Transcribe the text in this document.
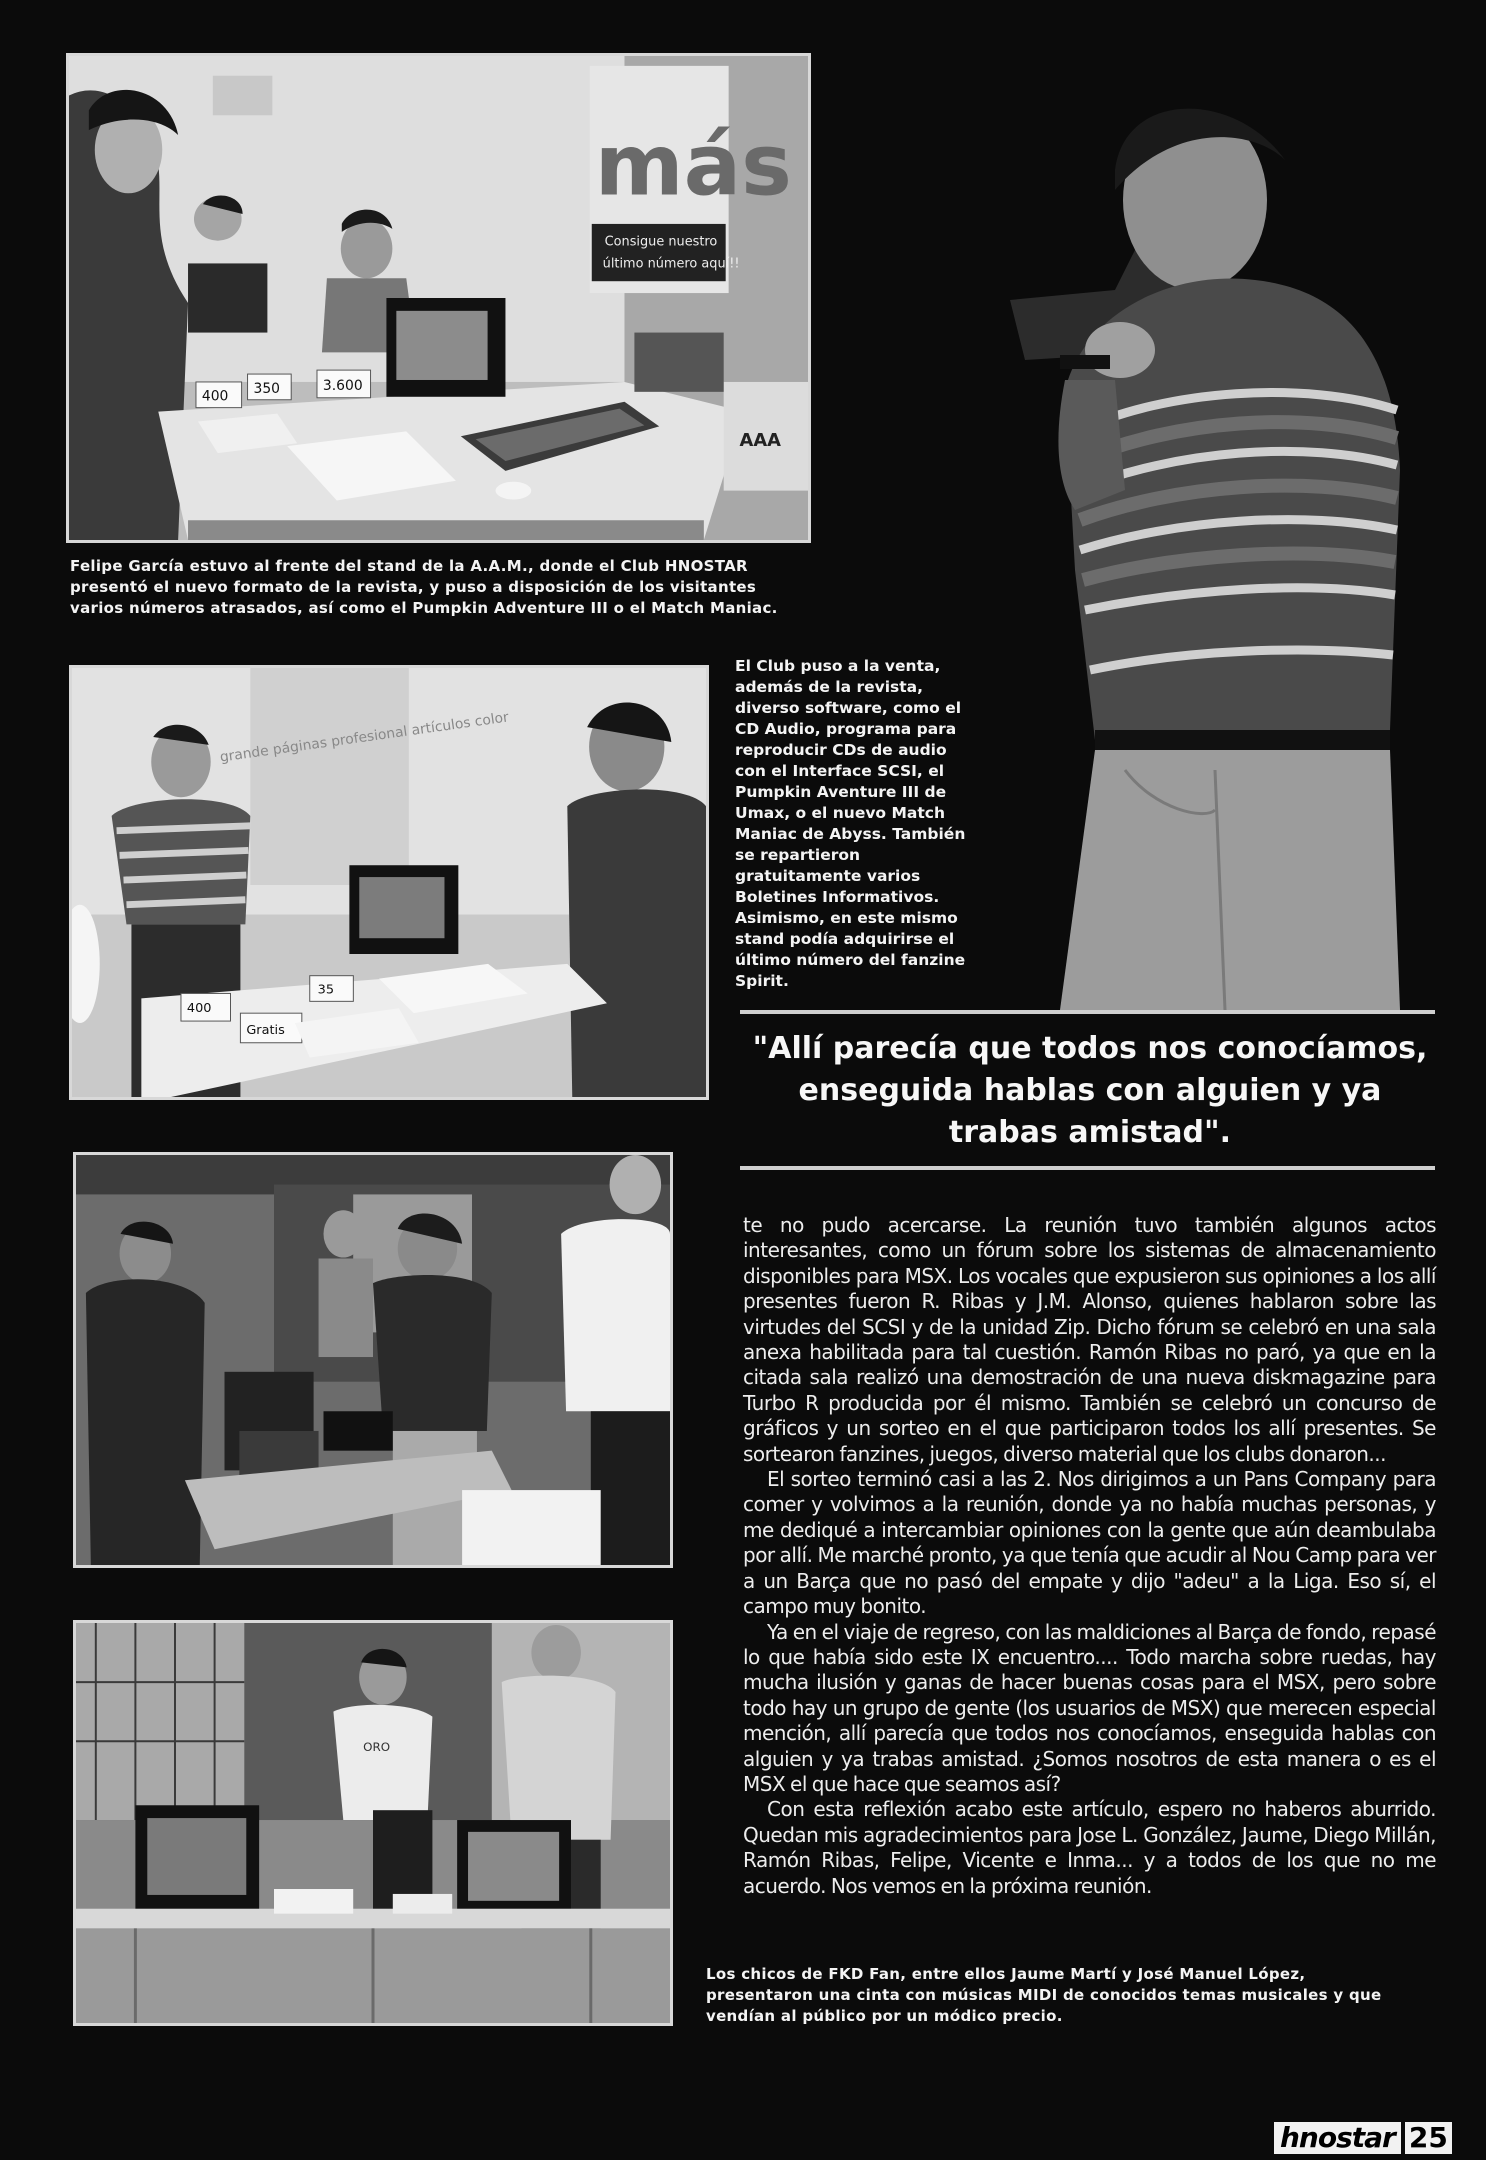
más
Consigue nuestro
último número aquí!!
3.600
350
400
AAA

Felipe García estuvo al frente del stand de la A.A.M., donde el Club HNOSTAR presentó el nuevo formato de la revista, y puso a disposición de los visitantes varios números atrasados, así como el Pumpkin Adventure III o el Match Maniac.

grande páginas profesional artículos color
400
Gratis
35

El Club puso a la venta, además de la revista, diverso software, como el CD Audio, programa para reproducir CDs de audio con el Interface SCSI, el Pumpkin Aventure III de Umax, o el nuevo Match Maniac de Abyss. También se repartieron gratuitamente varios Boletines Informativos. Asimismo, en este mismo stand podía adquirirse el último número del fanzine Spirit.

"Allí parecía que todos nos conocíamos, enseguida hablas con alguien y ya trabas amistad".

ORO

Los chicos de FKD Fan, entre ellos Jaume Martí y José Manuel López, presentaron una cinta con músicas MIDI de conocidos temas musicales y que vendían al público por un módico precio.

te no pudo acercarse. La reunión tuvo también algunos actos interesantes, como un fórum sobre los sistemas de almacenamiento disponibles para MSX. Los vocales que expusieron sus opiniones a los allí presentes fueron R. Ribas y J.M. Alonso, quienes hablaron sobre las virtudes del SCSI y de la unidad Zip. Dicho fórum se celebró en una sala anexa habilitada para tal cuestión. Ramón Ribas no paró, ya que en la citada sala realizó una demostración de una nueva diskmagazine para Turbo R producida por él mismo. También se celebró un concurso de gráficos y un sorteo en el que participaron todos los allí presentes. Se sortearon fanzines, juegos, diverso material que los clubs donaron...

El sorteo terminó casi a las 2. Nos dirigimos a un Pans Company para comer y volvimos a la reunión, donde ya no había muchas personas, y me dediqué a intercambiar opiniones con la gente que aún deambulaba por allí. Me marché pronto, ya que tenía que acudir al Nou Camp para ver a un Barça que no pasó del empate y dijo "adeu" a la Liga. Eso sí, el campo muy bonito.

Ya en el viaje de regreso, con las maldiciones al Barça de fondo, repasé lo que había sido este IX encuentro.... Todo marcha sobre ruedas, hay mucha ilusión y ganas de hacer buenas cosas para el MSX, pero sobre todo hay un grupo de gente (los usuarios de MSX) que merecen especial mención, allí parecía que todos nos conocíamos, enseguida hablas con alguien y ya trabas amistad. ¿Somos nosotros de esta manera o es el MSX el que hace que seamos así?

Con esta reflexión acabo este artículo, espero no haberos aburrido. Quedan mis agradecimientos para Jose L. González, Jaume, Diego Millán, Ramón Ribas, Felipe, Vicente e Inma... y a todos de los que no me acuerdo. Nos vemos en la próxima reunión.

hnostar 25
